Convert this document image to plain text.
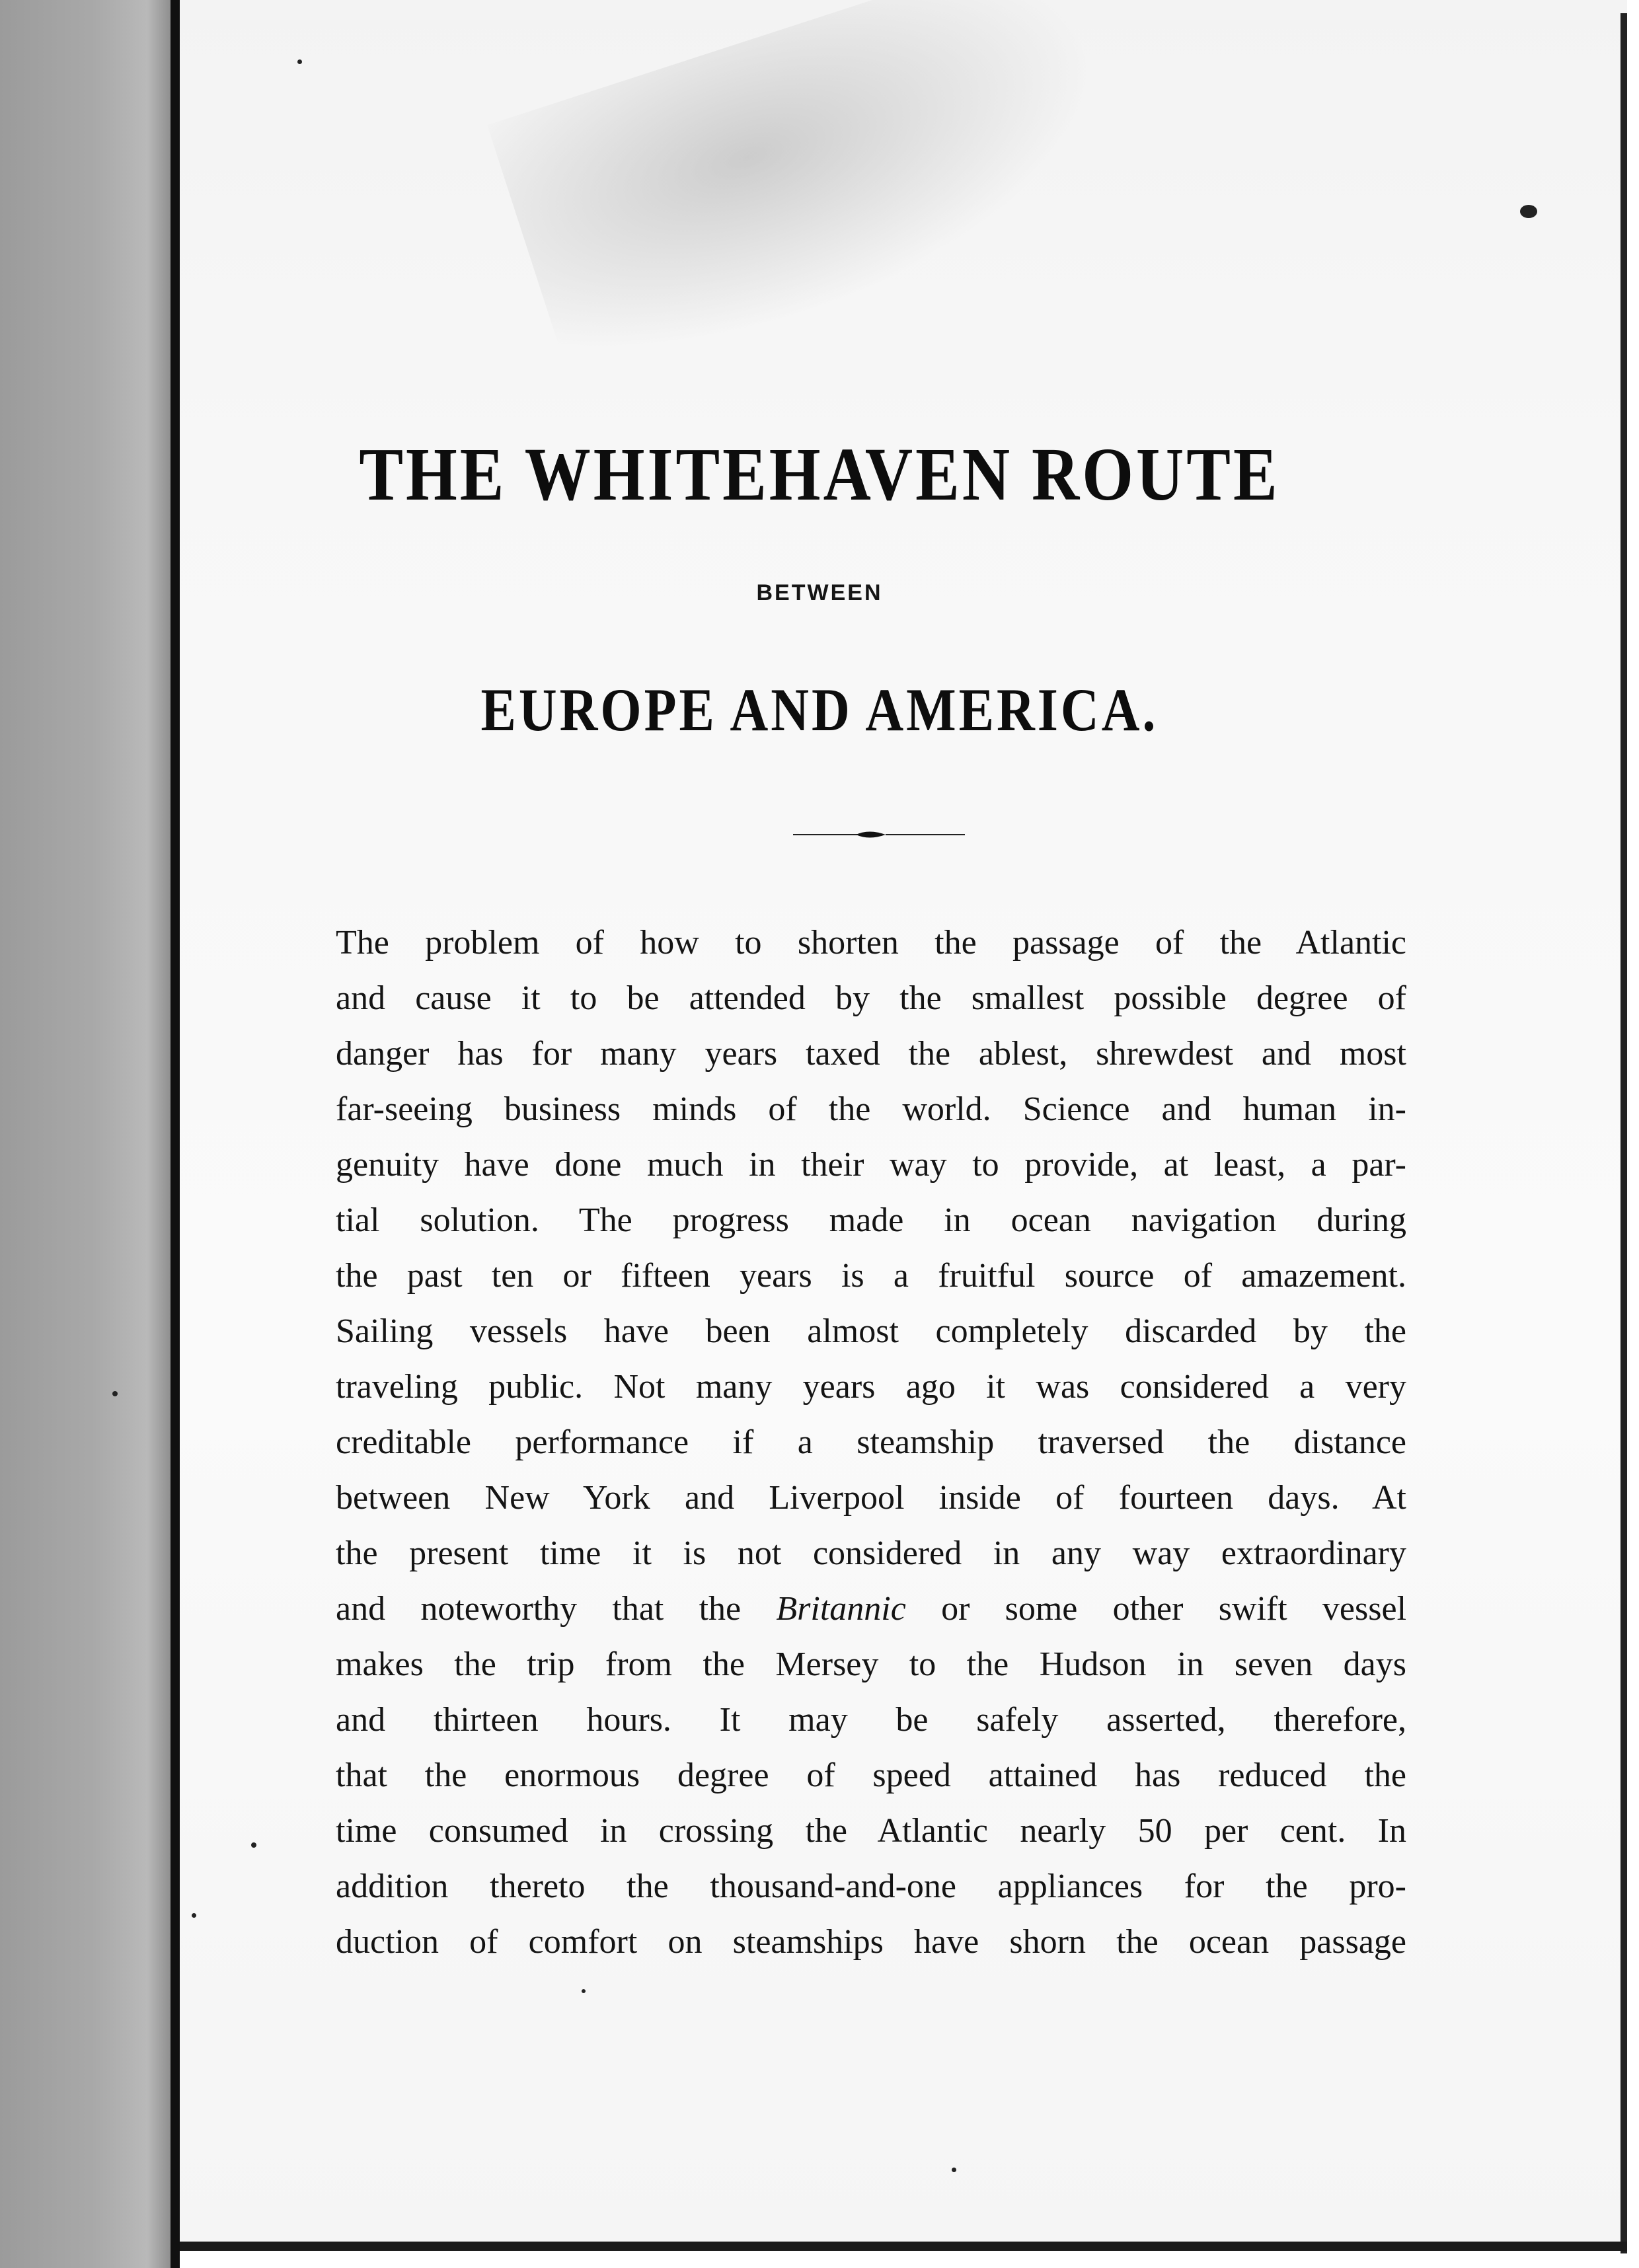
THE WHITEHAVEN ROUTE
BETWEEN
EUROPE AND AMERICA.
The problem of how to shorten the passage of the Atlantic
and cause it to be attended by the smallest possible degree of
danger has for many years taxed the ablest, shrewdest and most
far-seeing business minds of the world. Science and human in-
genuity have done much in their way to provide, at least, a par-
tial solution. The progress made in ocean navigation during
the past ten or fifteen years is a fruitful source of amazement.
Sailing vessels have been almost completely discarded by the
traveling public. Not many years ago it was considered a very
creditable performance if a steamship traversed the distance
between New York and Liverpool inside of fourteen days. At
the present time it is not considered in any way extraordinary
and noteworthy that the Britannic or some other swift vessel
makes the trip from the Mersey to the Hudson in seven days
and thirteen hours. It may be safely asserted, therefore,
that the enormous degree of speed attained has reduced the
time consumed in crossing the Atlantic nearly 50 per cent. In
addition thereto the thousand-and-one appliances for the pro-
duction of comfort on steamships have shorn the ocean passage
